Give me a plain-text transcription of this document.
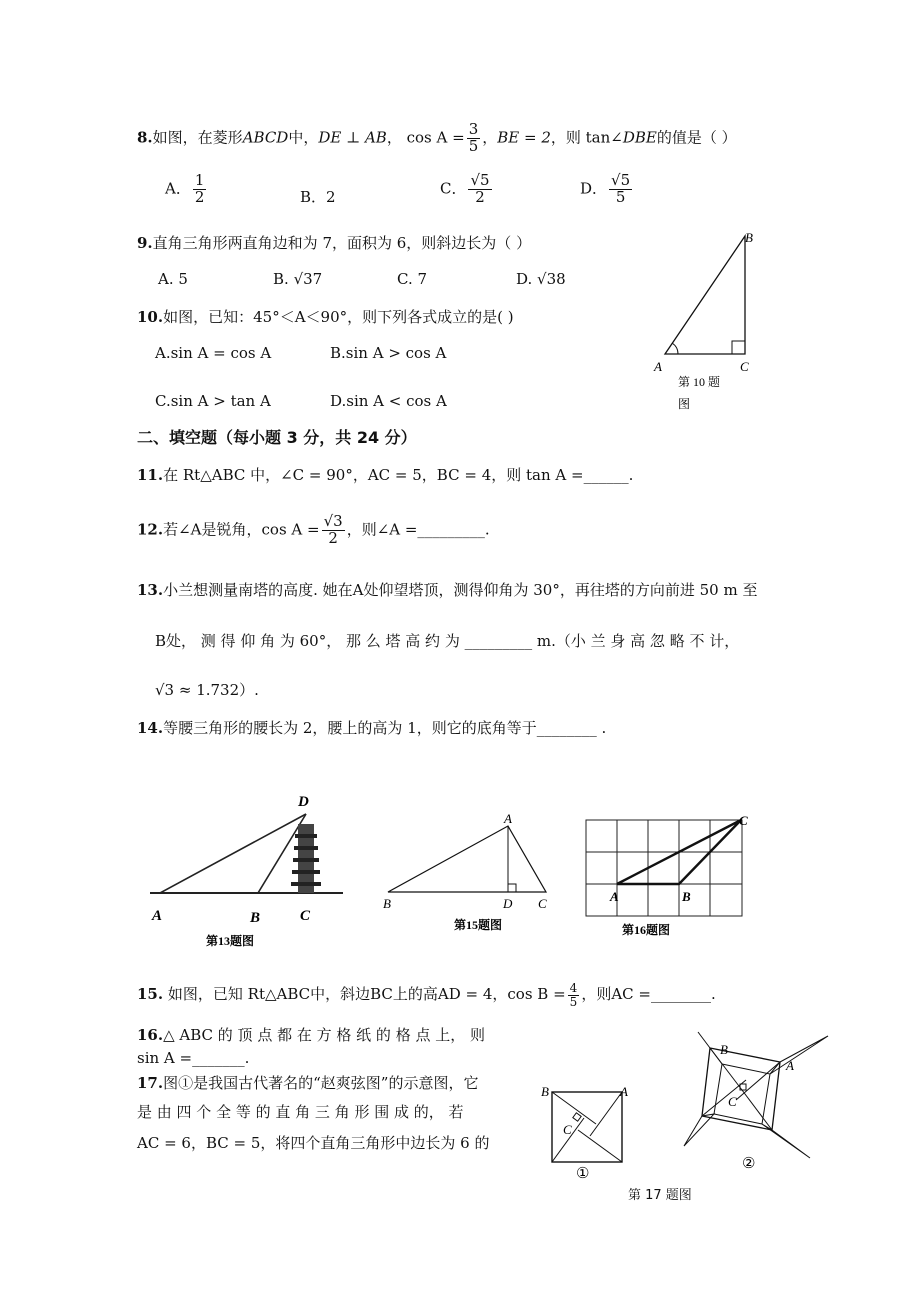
8.如图，在菱形ABCD中，DE ⊥ AB， $\cos A = \frac{3}{5}$ ，BE = 2，则 tan∠DBE的值是（ ）
A． $\frac{1}{2}$	B．2	C． $\frac{√5}{2}$	D． $\frac{√5}{5}$
9.直角三角形两直角边和为 7，面积为 6，则斜边长为（ ）
A. 5	B. √37	C. 7	D. √38
10.如图，已知：45°＜A＜90°，则下列各式成立的是( )
A.sin A = cos A	B.sin A > cos A
C.sin A > tan A	D.sin A < cos A
B
A	C
第 10 题
图
二、填空题（每小题 3 分，共 24 分）
11.在 Rt△ABC 中，∠C = 90°，AC = 5，BC = 4，则 tan A =______.
12.若∠A是锐角，$\cos A = \frac{√3}{2}$ ，则∠A =_________.
13.小兰想测量南塔的高度. 她在A处仰望塔顶，测得仰角为 30°，再往塔的方向前进 50 m 至
B处， 测 得 仰 角 为 60°， 那 么 塔 高 约 为 _________ m.（小 兰 身 高 忽 略 不 计，
√3 ≈ 1.732）.
14.等腰三角形的腰长为 2，腰上的高为 1，则它的底角等于________ .
D
A	B	C
第13题图
A
B	D C
第15题图
A	B
C
第16题图
15. 如图，已知 Rt△ABC中，斜边BC上的高AD = 4，$\cos B = \frac{4}{5}$ ，则AC =________.
16.△ ABC 的 顶 点 都 在 方 格 纸 的 格 点 上， 则
sin A =_______.
17.图①是我国古代著名的“赵爽弦图”的示意图，它
是 由 四 个 全 等 的 直 角 三 角 形 围 成 的， 若
AC = 6，BC = 5，将四个直角三角形中边长为 6 的
B	A
C
①
B
A
C
②
第 17 题图
